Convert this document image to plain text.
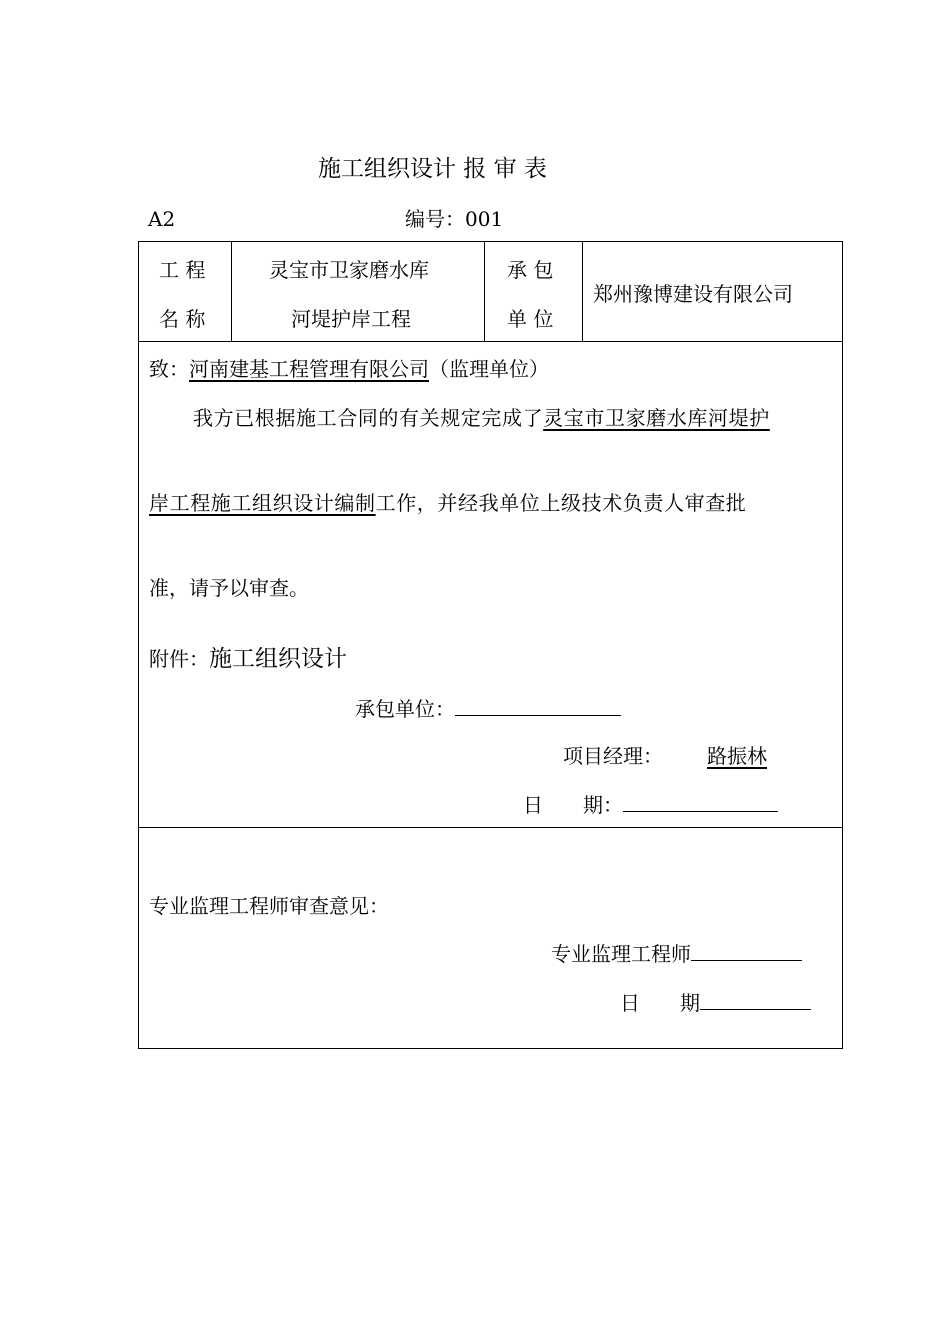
施工组织设计 报 审 表
A2	编号：001
工 程
名 称
灵宝市卫家磨水库
河堤护岸工程
承 包
单 位
郑州豫博建设有限公司
致：河南建基工程管理有限公司（监理单位）
我方已根据施工合同的有关规定完成了灵宝市卫家磨水库河堤护
岸工程施工组织设计编制工作，并经我单位上级技术负责人审查批
准，请予以审查。
附件：施工组织设计
承包单位：
项目经理： 路振林
日　　期：
专业监理工程师审查意见：
专业监理工程师
日　　期
